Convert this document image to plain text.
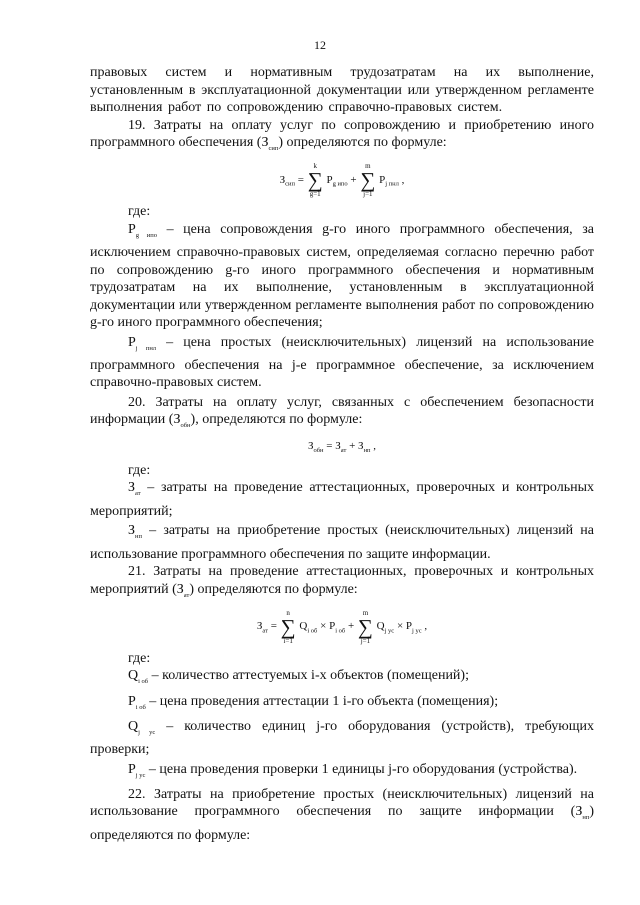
12

правовых систем и нормативным трудозатратам на их выполнение, установленным в эксплуатационной документации или утвержденном регламенте выполнения работ по сопровождению справочно-правовых систем.

19. Затраты на оплату услуг по сопровождению и приобретению иного программного обеспечения $(З_{сип})$ определяются по формуле:

$З_{сип}$ =
k
∑
g=1
$P_{g ипо}$ +
m
∑
j=1
$P_{j пнл}$ ,

где:

$P_{g ипо}$ – цена сопровождения g-го иного программного обеспечения, за исключением справочно-правовых систем, определяемая согласно перечню работ по сопровождению g-го иного программного обеспечения и нормативным трудозатратам на их выполнение, установленным в эксплуатационной документации или утвержденном регламенте выполнения работ по сопровождению g-го иного программного обеспечения;

$P_{j пнл}$ – цена простых (неисключительных) лицензий на использование программного обеспечения на j-е программное обеспечение, за исключением справочно-правовых систем.

20. Затраты на оплату услуг, связанных с обеспечением безопасности информации $(З_{обн})$, определяются по формуле:

$З_{обн} = З_{ат} + З_{нп}$ ,

где:

$З_{ат}$ – затраты на проведение аттестационных, проверочных и контрольных мероприятий;

$З_{нп}$ – затраты на приобретение простых (неисключительных) лицензий на использование программного обеспечения по защите информации.

21. Затраты на проведение аттестационных, проверочных и контрольных мероприятий $(З_{ат})$ определяются по формуле:

$З_{ат}$ =
n
∑
i=1
$Q_{i об} \times P_{i об}$ +
m
∑
j=1
$Q_{j ус} \times P_{j ус}$ ,

где:

$Q_{i об}$ – количество аттестуемых i-х объектов (помещений);

$P_{i об}$ – цена проведения аттестации 1 i-го объекта (помещения);

$Q_{j ус}$ – количество единиц j-го оборудования (устройств), требующих проверки;

$P_{j ус}$ – цена проведения проверки 1 единицы j-го оборудования (устройства).

22. Затраты на приобретение простых (неисключительных) лицензий на использование программного обеспечения по защите информации $(З_{нп})$ определяются по формуле:
